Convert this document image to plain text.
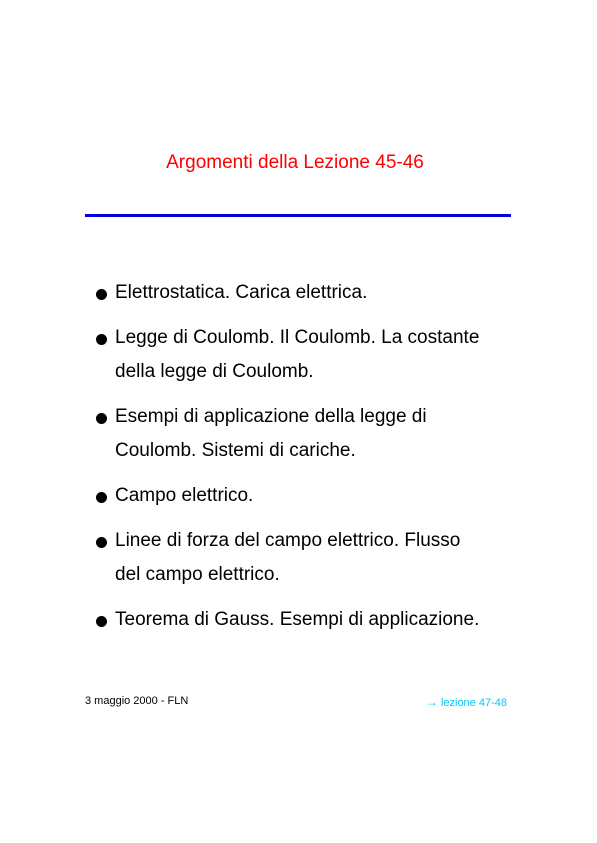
Argomenti della Lezione 45-46
Elettrostatica. Carica elettrica.
Legge di Coulomb. Il Coulomb. La costante
della legge di Coulomb.
Esempi di applicazione della legge di
Coulomb. Sistemi di cariche.
Campo elettrico.
Linee di forza del campo elettrico. Flusso
del campo elettrico.
Teorema di Gauss. Esempi di applicazione.
3 maggio 2000 - FLN	→ lezione 47-48
